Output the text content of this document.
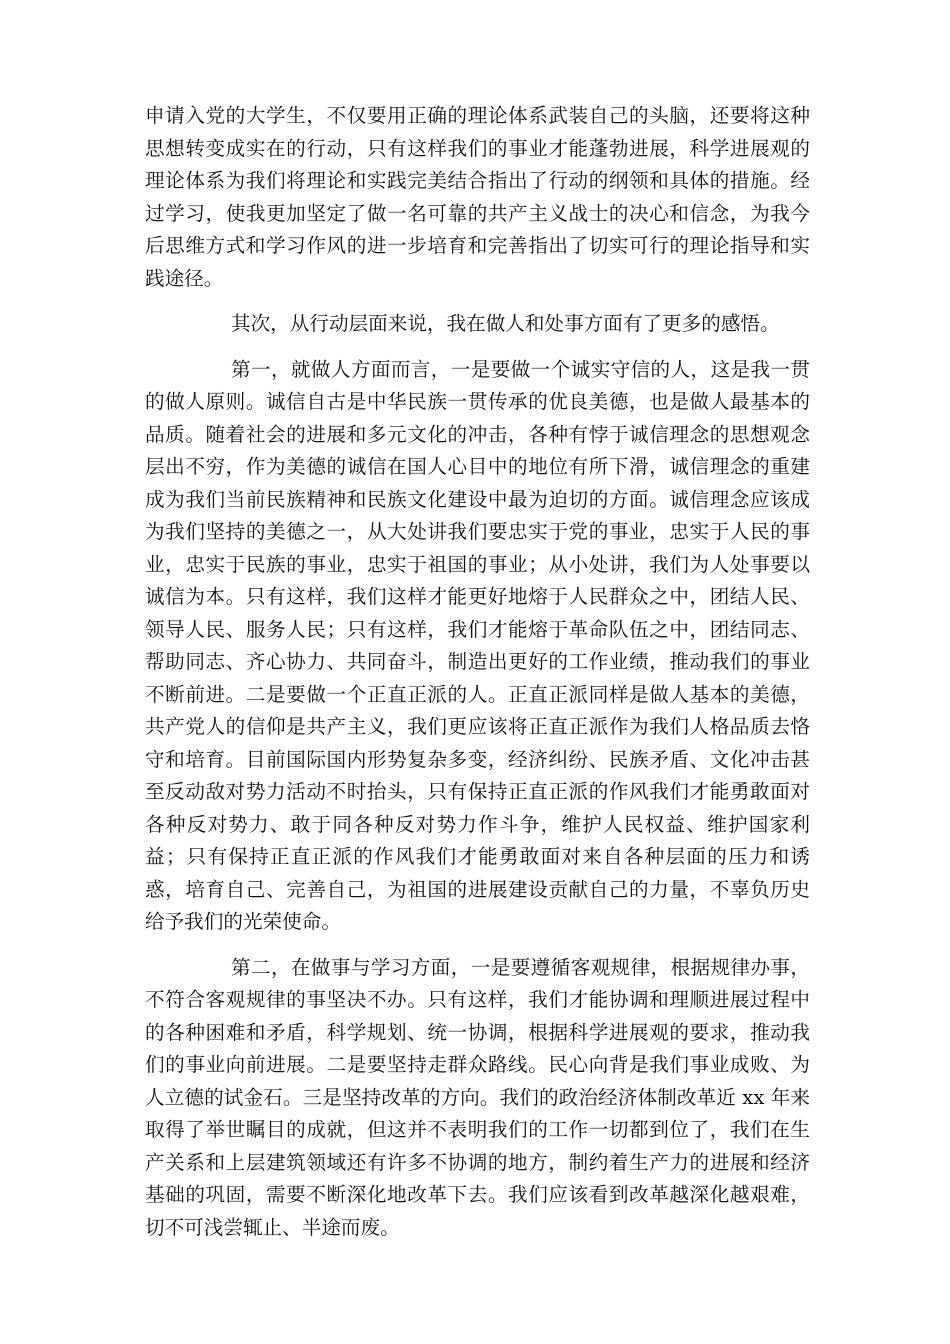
申请入党的大学生，不仅要用正确的理论体系武装自己的头脑，还要将这种思想转变成实在的行动，只有这样我们的事业才能蓬勃进展，科学进展观的理论体系为我们将理论和实践完美结合指出了行动的纲领和具体的措施。经过学习，使我更加坚定了做一名可靠的共产主义战士的决心和信念，为我今后思维方式和学习作风的进一步培育和完善指出了切实可行的理论指导和实践途径。

其次，从行动层面来说，我在做人和处事方面有了更多的感悟。

第一，就做人方面而言，一是要做一个诚实守信的人，这是我一贯的做人原则。诚信自古是中华民族一贯传承的优良美德，也是做人最基本的品质。随着社会的进展和多元文化的冲击，各种有悖于诚信理念的思想观念层出不穷，作为美德的诚信在国人心目中的地位有所下滑，诚信理念的重建成为我们当前民族精神和民族文化建设中最为迫切的方面。诚信理念应该成为我们坚持的美德之一，从大处讲我们要忠实于党的事业，忠实于人民的事业，忠实于民族的事业，忠实于祖国的事业；从小处讲，我们为人处事要以诚信为本。只有这样，我们这样才能更好地熔于人民群众之中，团结人民、领导人民、服务人民；只有这样，我们才能熔于革命队伍之中，团结同志、帮助同志、齐心协力、共同奋斗，制造出更好的工作业绩，推动我们的事业不断前进。二是要做一个正直正派的人。正直正派同样是做人基本的美德，共产党人的信仰是共产主义，我们更应该将正直正派作为我们人格品质去恪守和培育。目前国际国内形势复杂多变，经济纠纷、民族矛盾、文化冲击甚至反动敌对势力活动不时抬头，只有保持正直正派的作风我们才能勇敢面对各种反对势力、敢于同各种反对势力作斗争，维护人民权益、维护国家利益；只有保持正直正派的作风我们才能勇敢面对来自各种层面的压力和诱惑，培育自己、完善自己，为祖国的进展建设贡献自己的力量，不辜负历史给予我们的光荣使命。

第二，在做事与学习方面，一是要遵循客观规律，根据规律办事，不符合客观规律的事坚决不办。只有这样，我们才能协调和理顺进展过程中的各种困难和矛盾，科学规划、统一协调，根据科学进展观的要求，推动我们的事业向前进展。二是要坚持走群众路线。民心向背是我们事业成败、为人立德的试金石。三是坚持改革的方向。我们的政治经济体制改革近 xx 年来取得了举世瞩目的成就，但这并不表明我们的工作一切都到位了，我们在生产关系和上层建筑领域还有许多不协调的地方，制约着生产力的进展和经济基础的巩固，需要不断深化地改革下去。我们应该看到改革越深化越艰难，切不可浅尝辄止、半途而废。
